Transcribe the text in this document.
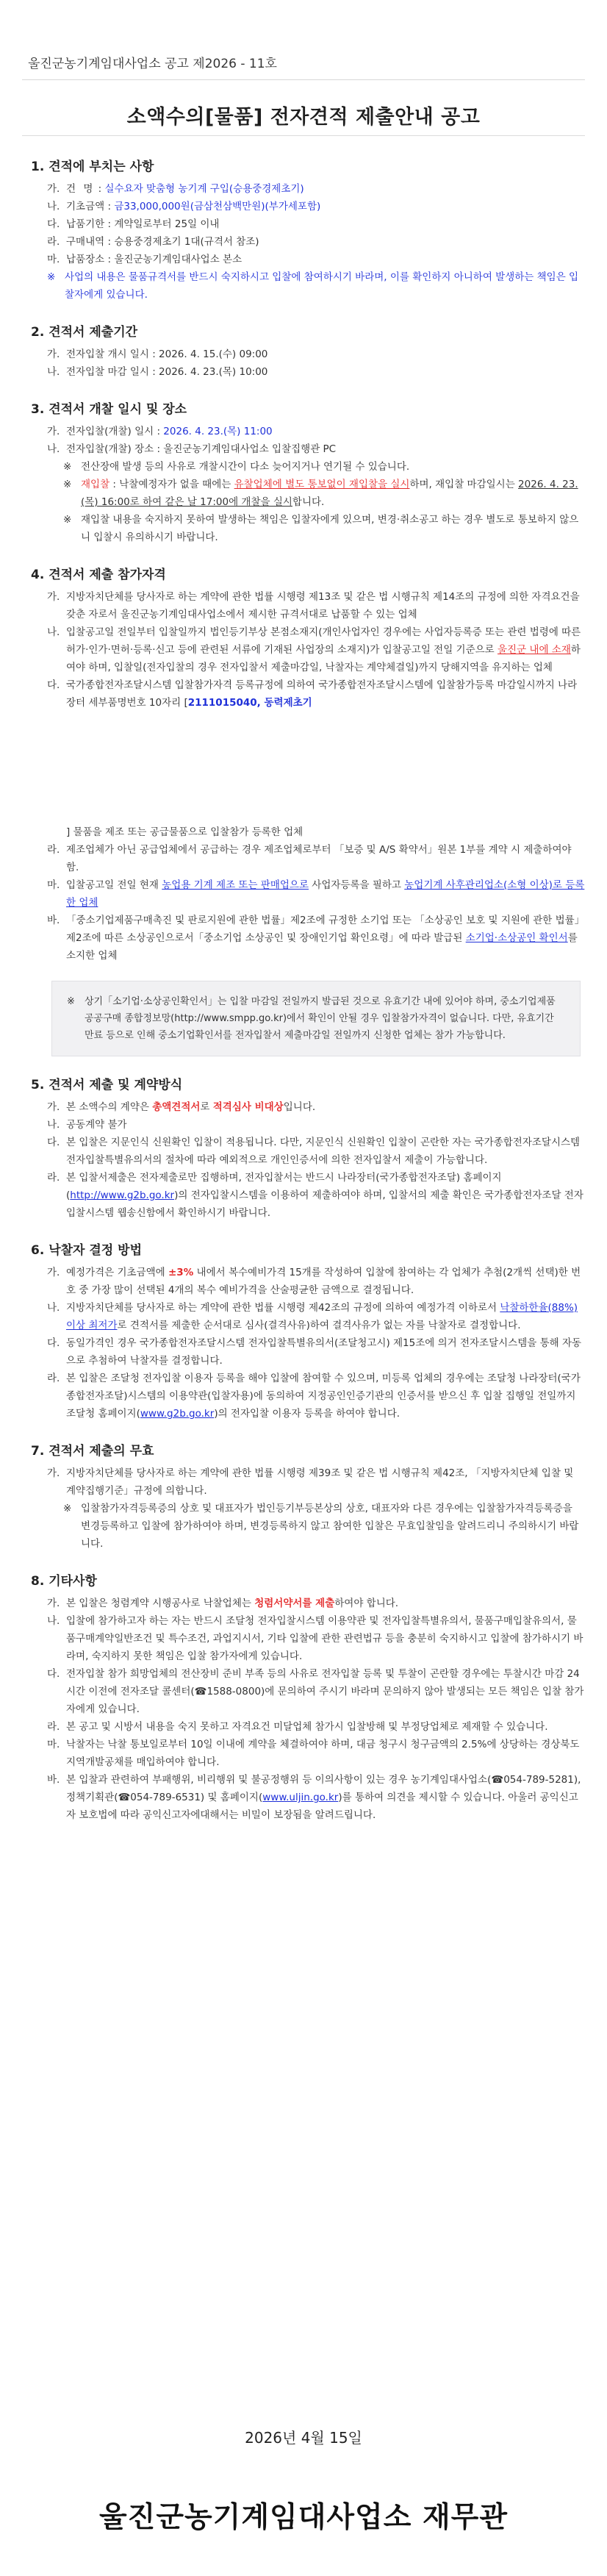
울진군농기계임대사업소 공고 제2026 - 11호
소액수의[물품] 전자견적 제출안내 공고
1. 견적에 부치는 사항
가. 건 명 : 실수요자 맞춤형 농기계 구입(승용중경제초기)
나. 기초금액 : 금33,000,000원(금삼천삼백만원)(부가세포함)
다. 납품기한 : 계약일로부터 25일 이내
라. 구매내역 : 승용중경제초기 1대(규격서 참조)
마. 납품장소 : 울진군농기계임대사업소 본소
※ 사업의 내용은 물품규격서를 반드시 숙지하시고 입찰에 참여하시기 바라며, 이를 확인하지 아니하여 발생하는 책임은 입찰자에게 있습니다.
2. 견적서 제출기간
가. 전자입찰 개시 일시 : 2026. 4. 15.(수) 09:00
나. 전자입찰 마감 일시 : 2026. 4. 23.(목) 10:00
3. 견적서 개찰 일시 및 장소
가. 전자입찰(개찰) 일시 : 2026. 4. 23.(목) 11:00
나. 전자입찰(개찰) 장소 : 울진군농기계임대사업소 입찰집행관 PC
※ 전산장애 발생 등의 사유로 개찰시간이 다소 늦어지거나 연기될 수 있습니다.
※ 재입찰 : 낙찰예정자가 없을 때에는 유찰업체에 별도 통보없이 재입찰을 실시하며, 재입찰 마감일시는 2026. 4. 23.(목) 16:00로 하여 같은 날 17:00에 개찰을 실시합니다.
※ 재입찰 내용을 숙지하지 못하여 발생하는 책임은 입찰자에게 있으며, 변경·취소공고 하는 경우 별도로 통보하지 않으니 입찰시 유의하시기 바랍니다.
4. 견적서 제출 참가자격
가. 지방자치단체를 당사자로 하는 계약에 관한 법률 시행령 제13조 및 같은 법 시행규칙 제14조의 규정에 의한 자격요건을 갖춘 자로서 울진군농기계임대사업소에서 제시한 규격서대로 납품할 수 있는 업체
나. 입찰공고일 전일부터 입찰일까지 법인등기부상 본점소재지(개인사업자인 경우에는 사업자등록증 또는 관련 법령에 따른 허가·인가·면허·등록·신고 등에 관련된 서류에 기재된 사업장의 소재지)가 입찰공고일 전일 기준으로 울진군 내에 소재하여야 하며, 입찰일(전자입찰의 경우 전자입찰서 제출마감일, 낙찰자는 계약체결일)까지 당해지역을 유지하는 업체
다. 국가종합전자조달시스템 입찰참가자격 등록규정에 의하여 국가종합전자조달시스템에 입찰참가등록 마감일시까지 나라장터 세부품명번호 10자리 [2111015040, 동력제초기
] 물품을 제조 또는 공급물품으로 입찰참가 등록한 업체
라. 제조업체가 아닌 공급업체에서 공급하는 경우 제조업체로부터 「보증 및 A/S 확약서」원본 1부를 계약 시 제출하여야 함.
마. 입찰공고일 전일 현재 농업용 기계 제조 또는 판매업으로 사업자등록을 필하고 농업기계 사후관리업소(소형 이상)로 등록한 업체
바. 「중소기업제품구매촉진 및 판로지원에 관한 법률」제2조에 규정한 소기업 또는 「소상공인 보호 및 지원에 관한 법률」제2조에 따른 소상공인으로서「중소기업 소상공인 및 장애인기업 확인요령」에 따라 발급된 소기업·소상공인 확인서를 소지한 업체
※	상기「소기업·소상공인확인서」는 입찰 마감일 전일까지 발급된 것으로 유효기간 내에 있어야 하며, 중소기업제품 공공구매 종합정보망(http://www.smpp.go.kr)에서 확인이 안될 경우 입찰참가자격이 없습니다. 다만, 유효기간 만료 등으로 인해 중소기업확인서를 전자입찰서 제출마감일 전일까지 신청한 업체는 참가 가능합니다.
5. 견적서 제출 및 계약방식
가. 본 소액수의 계약은 총액견적서로 적격심사 비대상입니다.
나. 공동계약 불가
다. 본 입찰은 지문인식 신원확인 입찰이 적용됩니다. 다만, 지문인식 신원확인 입찰이 곤란한 자는 국가종합전자조달시스템전자입찰특별유의서의 절차에 따라 예외적으로 개인인증서에 의한 전자입찰서 제출이 가능합니다.
라. 본 입찰서제출은 전자제출로만 집행하며, 전자입찰서는 반드시 나라장터(국가종합전자조달) 홈페이지(http://www.g2b.go.kr)의 전자입찰시스템을 이용하여 제출하여야 하며, 입찰서의 제출 확인은 국가종합전자조달 전자입찰시스템 웹송신함에서 확인하시기 바랍니다.
6. 낙찰자 결정 방법
가. 예정가격은 기초금액에 ±3% 내에서 복수예비가격 15개를 작성하여 입찰에 참여하는 각 업체가 추첨(2개씩 선택)한 번호 중 가장 많이 선택된 4개의 복수 예비가격을 산술평균한 금액으로 결정됩니다.
나. 지방자치단체를 당사자로 하는 계약에 관한 법률 시행령 제42조의 규정에 의하여 예정가격 이하로서 낙찰하한율(88%) 이상 최저가로 견적서를 제출한 순서대로 심사(결격사유)하여 결격사유가 없는 자를 낙찰자로 결정합니다.
다. 동일가격인 경우 국가종합전자조달시스템 전자입찰특별유의서(조달청고시) 제15조에 의거 전자조달시스템을 통해 자동으로 추첨하여 낙찰자를 결정합니다.
라. 본 입찰은 조달청 전자입찰 이용자 등록을 해야 입찰에 참여할 수 있으며, 미등록 업체의 경우에는 조달청 나라장터(국가종합전자조달)시스템의 이용약관(입찰자용)에 동의하여 지정공인인증기관의 인증서를 받으신 후 입찰 집행일 전일까지 조달청 홈페이지(www.g2b.go.kr)의 전자입찰 이용자 등록을 하여야 합니다.
7. 견적서 제출의 무효
가. 지방자치단체를 당사자로 하는 계약에 관한 법률 시행령 제39조 및 같은 법 시행규칙 제42조, 「지방자치단체 입찰 및 계약집행기준」규정에 의합니다.
※ 입찰참가자격등록증의 상호 및 대표자가 법인등기부등본상의 상호, 대표자와 다른 경우에는 입찰참가자격등록증을 변경등록하고 입찰에 참가하여야 하며, 변경등록하지 않고 참여한 입찰은 무효입찰임을 알려드리니 주의하시기 바랍니다.
8. 기타사항
가. 본 입찰은 청렴계약 시행공사로 낙찰업체는 청렴서약서를 제출하여야 합니다.
나. 입찰에 참가하고자 하는 자는 반드시 조달청 전자입찰시스템 이용약관 및 전자입찰특별유의서, 물품구매입찰유의서, 물품구매계약일반조건 및 특수조건, 과업지시서, 기타 입찰에 관한 관련법규 등을 충분히 숙지하시고 입찰에 참가하시기 바라며, 숙지하지 못한 책임은 입찰 참가자에게 있습니다.
다. 전자입찰 참가 희망업체의 전산장비 준비 부족 등의 사유로 전자입찰 등록 및 투찰이 곤란할 경우에는 투찰시간 마감 24시간 이전에 전자조달 콜센터(☎1588-0800)에 문의하여 주시기 바라며 문의하지 않아 발생되는 모든 책임은 입찰 참가자에게 있습니다.
라. 본 공고 및 시방서 내용을 숙지 못하고 자격요건 미달업체 참가시 입찰방해 및 부정당업체로 제재할 수 있습니다.
마. 낙찰자는 낙찰 통보일로부터 10일 이내에 계약을 체결하여야 하며, 대금 청구시 청구금액의 2.5%에 상당하는 경상북도지역개발공채를 매입하여야 합니다.
바. 본 입찰과 관련하여 부패행위, 비리행위 및 불공정행위 등 이의사항이 있는 경우 농기계임대사업소(☎054-789-5281), 정책기획관(☎054-789-6531) 및 홈페이지(www.uljin.go.kr)를 통하여 의견을 제시할 수 있습니다. 아울러 공익신고자 보호법에 따라 공익신고자에대해서는 비밀이 보장됨을 알려드립니다.
2026년 4월 15일
울진군농기계임대사업소 재무관
